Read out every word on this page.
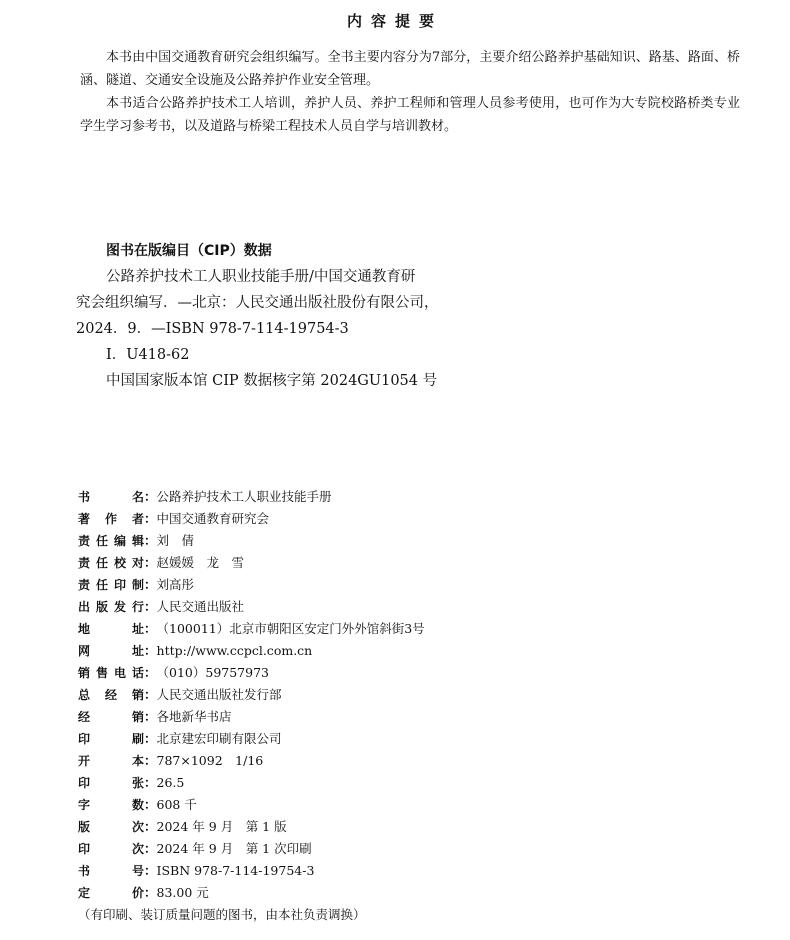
内容提要

本书由中国交通教育研究会组织编写。全书主要内容分为7部分，主要介绍公路养护基础知识、路基、路面、桥涵、隧道、交通安全设施及公路养护作业安全管理。

本书适合公路养护技术工人培训，养护人员、养护工程师和管理人员参考使用，也可作为大专院校路桥类专业学生学习参考书，以及道路与桥梁工程技术人员自学与培训教材。

图书在版编目（CIP）数据
公路养护技术工人职业技能手册/中国交通教育研
究会组织编写．—北京：人民交通出版社股份有限公司，
2024．9．—ISBN 978-7-114-19754-3
Ⅰ．U418-62
中国国家版本馆 CIP 数据核字第 2024GU1054 号
书	名 ： 公路养护技术工人职业技能手册
著 作 者 ： 中国交通教育研究会
责 任 编 辑 ： 刘　倩
责 任 校 对 ： 赵媛媛　龙　雪
责 任 印 制 ： 刘高彤
出 版 发 行 ： 人民交通出版社
地	址 ： （100011）北京市朝阳区安定门外外馆斜街3号
网	址 ： http://www.ccpcl.com.cn
销 售 电 话 ： （010）59757973
总 经 销 ： 人民交通出版社发行部
经	销 ： 各地新华书店
印	刷 ： 北京建宏印刷有限公司
开	本 ： 787×1092　1/16
印	张 ： 26.5
字	数 ： 608 千
版	次 ： 2024 年 9 月　第 1 版
印	次 ： 2024 年 9 月　第 1 次印刷
书	号 ： ISBN 978-7-114-19754-3
定	价 ： 83.00 元
（有印刷、装订质量问题的图书，由本社负责调换）
